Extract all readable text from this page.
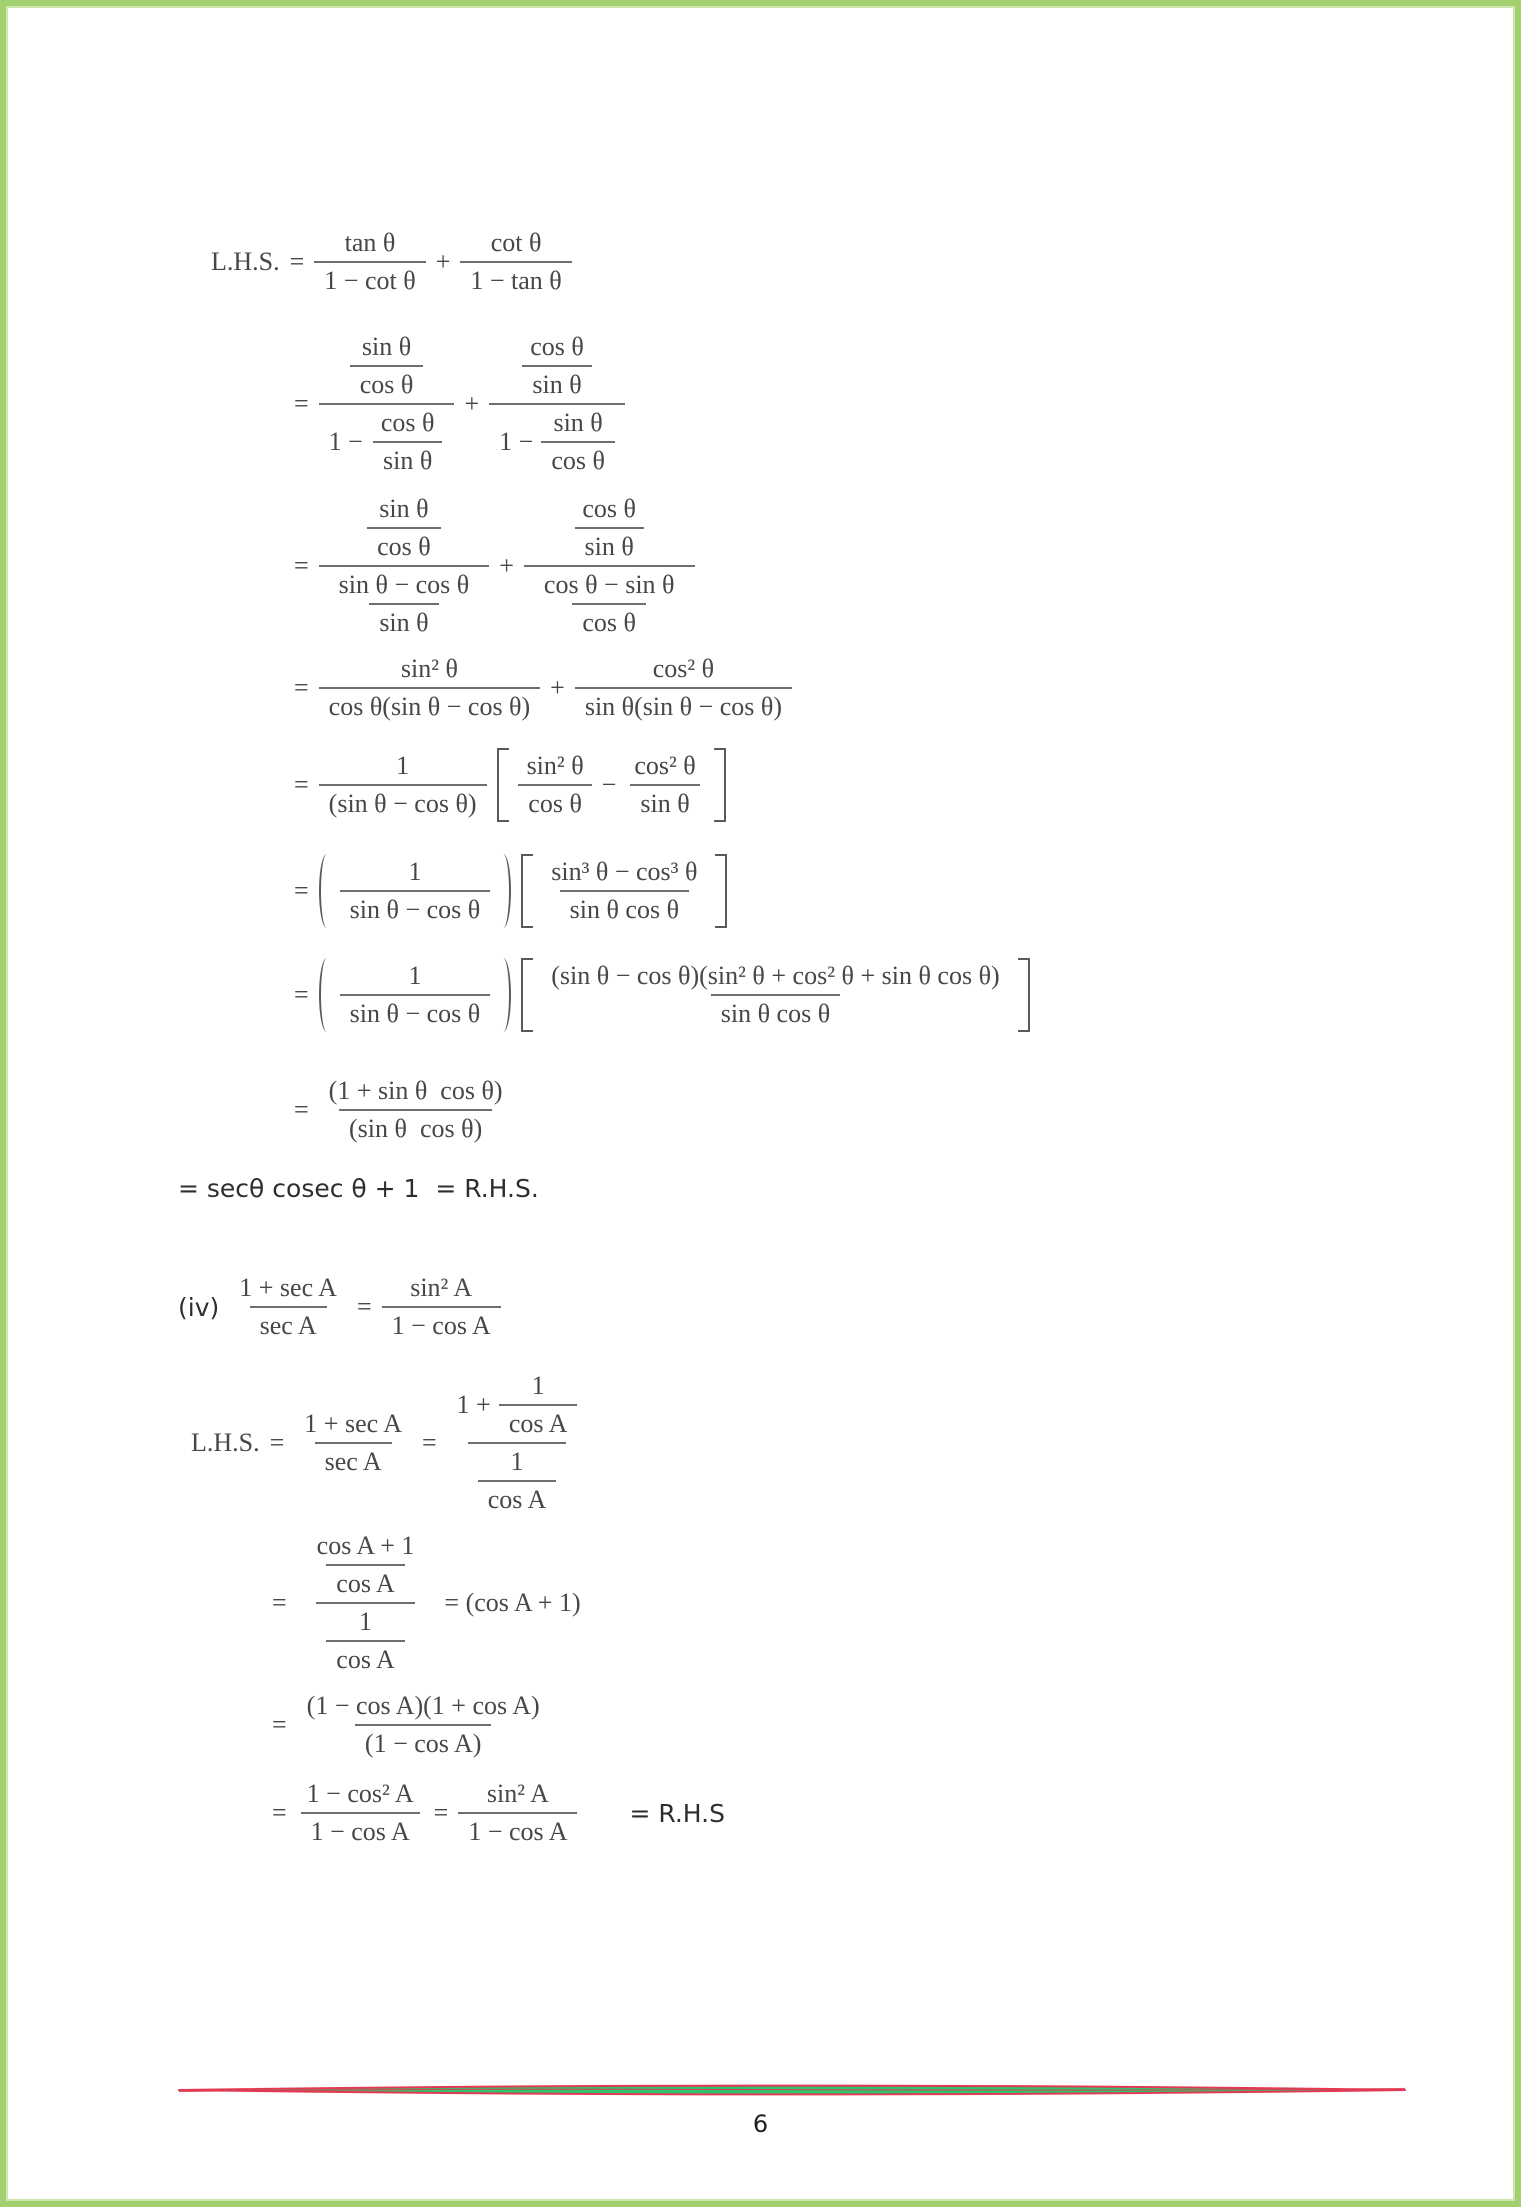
L.H.S. = $\frac{\text{tan θ}}{\text{1 − cot θ}} + \frac{\text{cot θ}}{\text{1 − tan θ}}$
= $\frac{\frac{\text{sin θ}}{\text{cos θ}}}{1 - \frac{\text{cos θ}}{\text{sin θ}}} + \frac{\frac{\text{cos θ}}{\text{sin θ}}}{1 - \frac{\text{sin θ}}{\text{cos θ}}}$
= $\frac{\frac{\text{sin θ}}{\text{cos θ}}}{\frac{\text{sin θ − cos θ}}{\text{sin θ}}} + \frac{\frac{\text{cos θ}}{\text{sin θ}}}{\frac{\text{cos θ − sin θ}}{\text{cos θ}}}$
= $\frac{\text{sin² θ}}{\text{cos θ(sin θ − cos θ)}} + \frac{\text{cos² θ}}{\text{sin θ(sin θ − cos θ)}}$
= $\frac{1}{\text{(sin θ − cos θ)}} \frac{\text{sin² θ}}{\text{cos θ}} - \frac{\text{cos² θ}}{\text{sin θ}}$
= $\frac{1}{\text{sin θ − cos θ}} \frac{\text{sin³ θ − cos³ θ}}{\text{sin θ cos θ}}$
= $\frac{1}{\text{sin θ − cos θ}} \frac{\text{(sin θ − cos θ)(sin² θ + cos² θ + sin θ cos θ)}}{\text{sin θ cos θ}}$
= $\frac{\text{(1 + sin θ  cos θ)}}{\text{(sin θ  cos θ)}}$
= secθ cosec θ + 1  = R.H.S.
$(iv) \frac{\text{1 + sec A}}{\text{sec A}} = \frac{\text{sin² A}}{\text{1 − cos A}}$
L.H.S. = $\frac{\text{1 + sec A}}{\text{sec A}} = \frac{1 + \frac{1}{\text{cos A}}}{\frac{1}{\text{cos A}}}$
= $\frac{\frac{\text{cos A + 1}}{\text{cos A}}}{\frac{1}{\text{cos A}}} = (\cos$ A + 1)
= $\frac{\text{(1 − cos A)(1 + cos A)}}{\text{(1 − cos A)}}$
= $\frac{\text{1 − cos² A}}{\text{1 − cos A}} = \frac{\text{sin² A}}{\text{1 − cos A}} = R.H.S$
6
